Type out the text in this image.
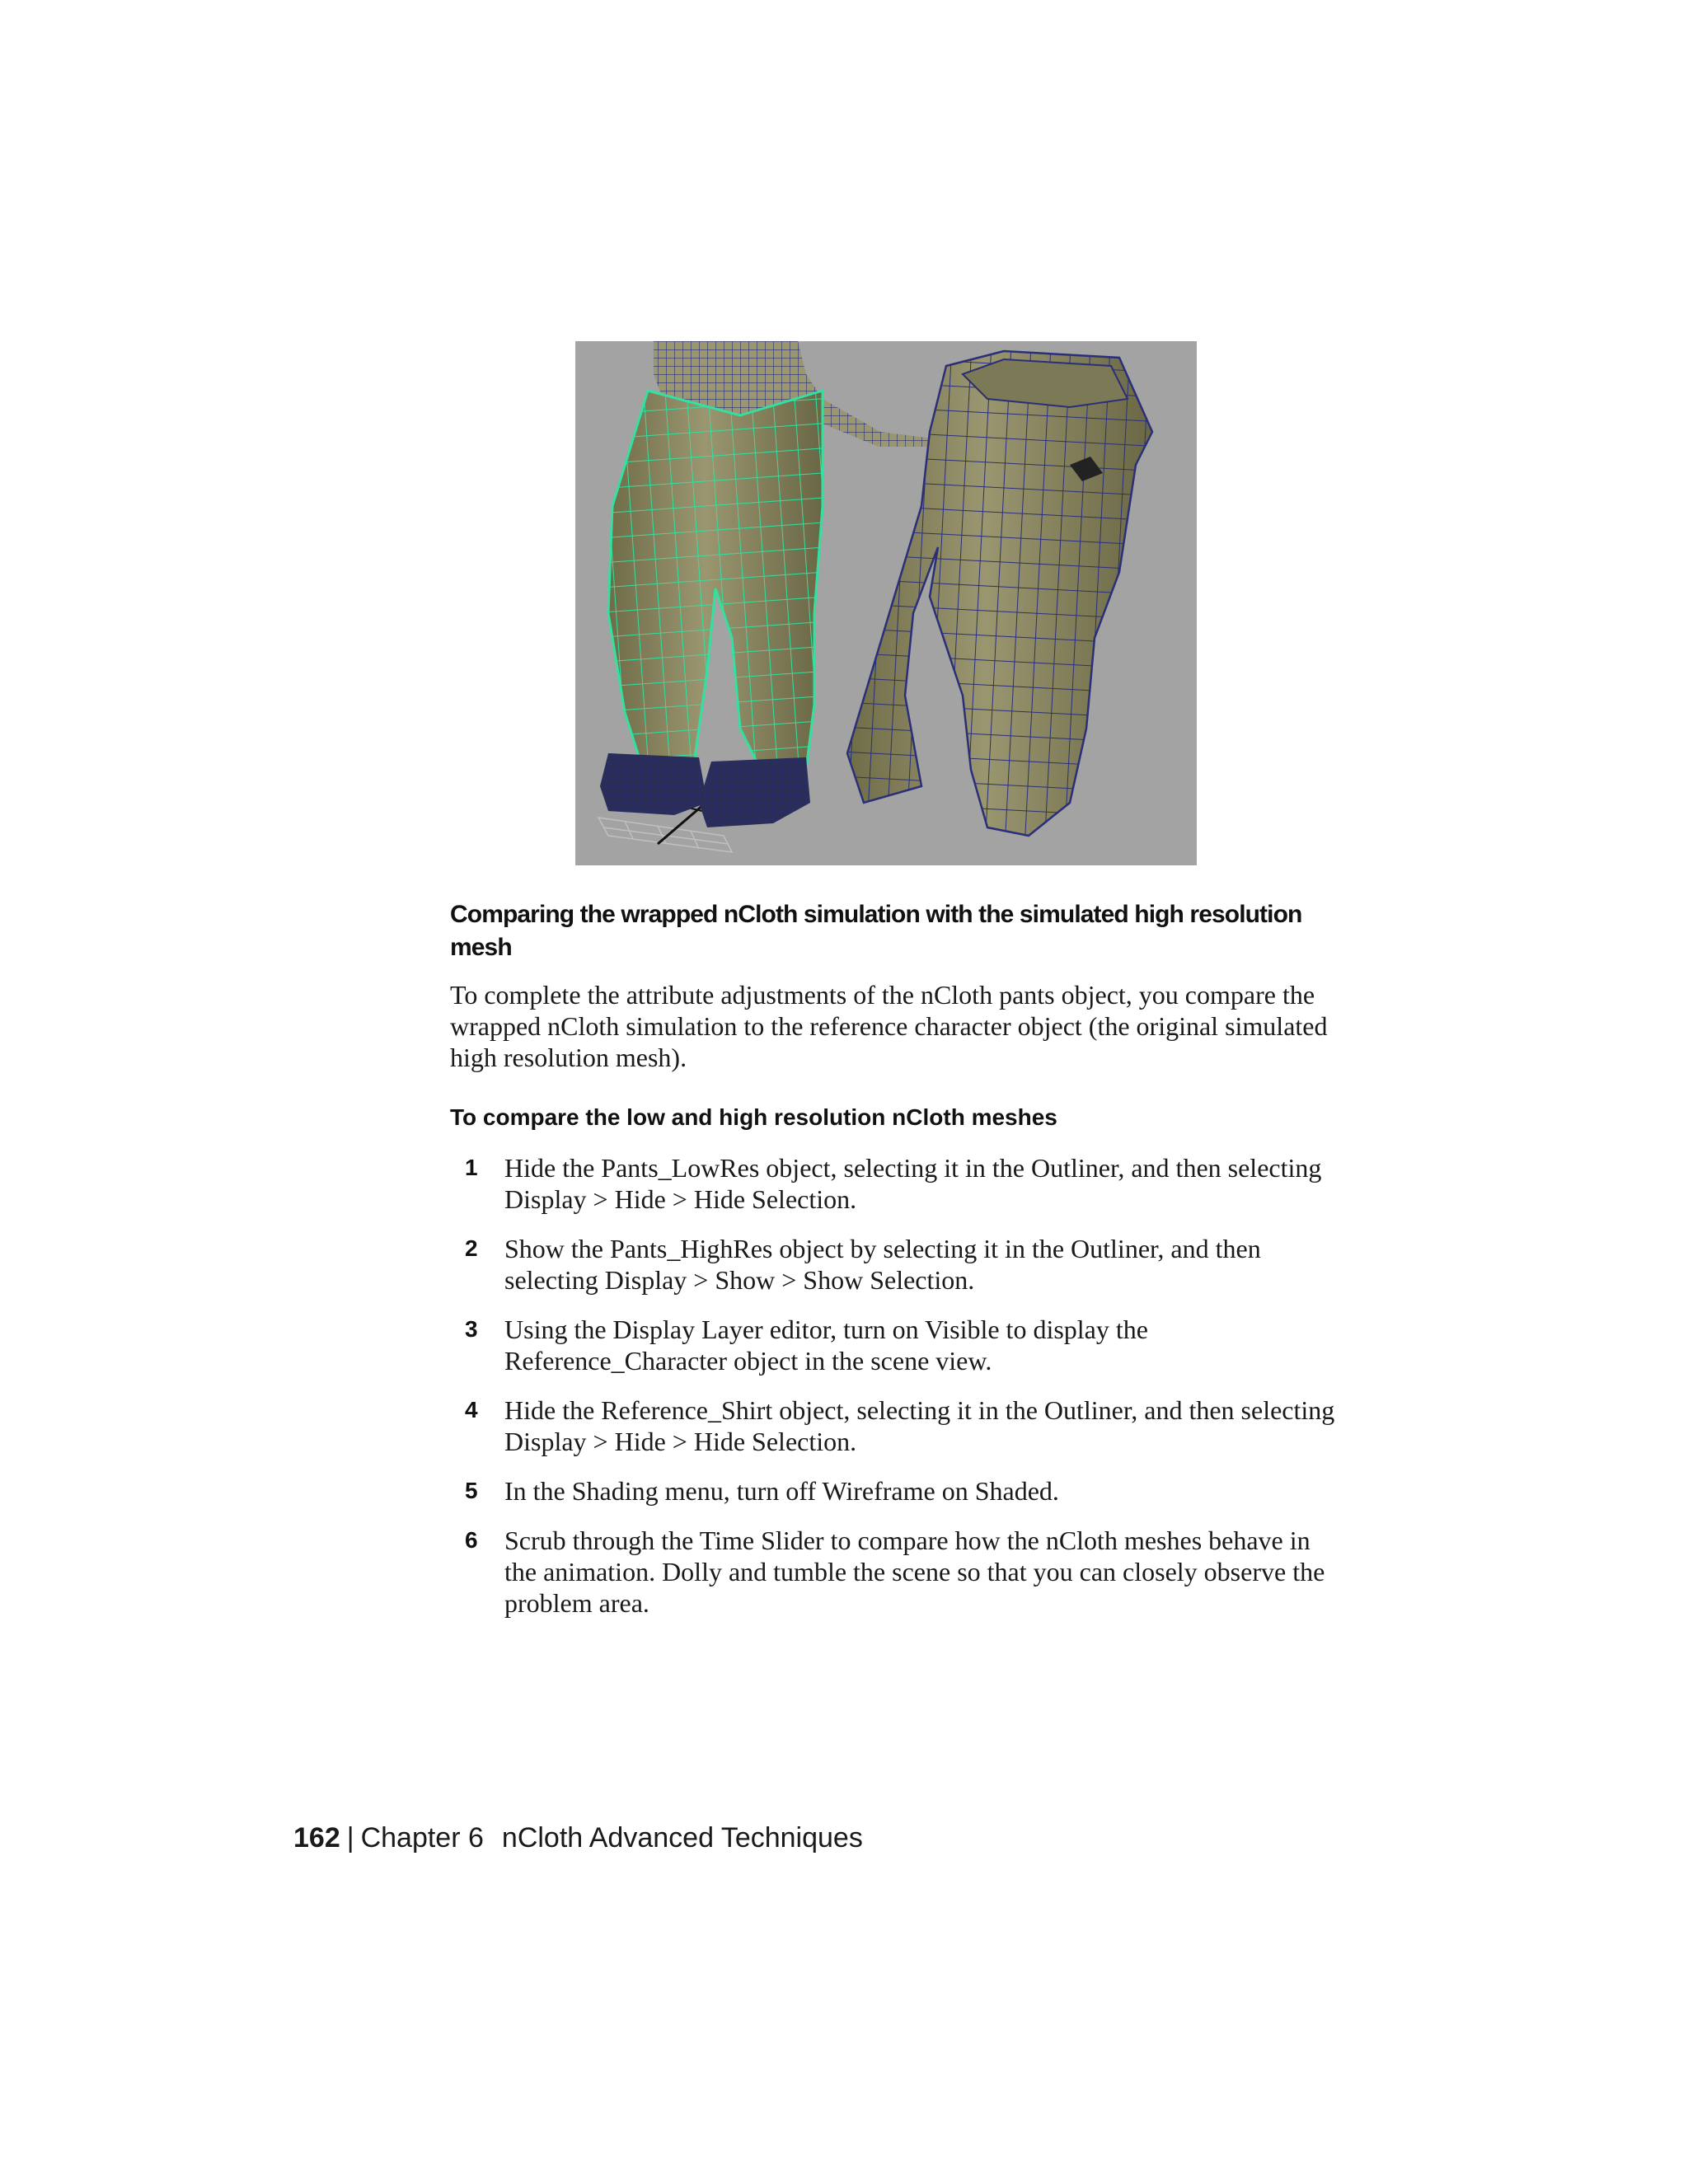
Comparing the wrapped nCloth simulation with the simulated high resolution mesh

To complete the attribute adjustments of the nCloth pants object, you compare the wrapped nCloth simulation to the reference character object (the original simulated high resolution mesh).

To compare the low and high resolution nCloth meshes
1 Hide the Pants_LowRes object, selecting it in the Outliner, and then selecting Display > Hide > Hide Selection.
2 Show the Pants_HighRes object by selecting it in the Outliner, and then selecting Display > Show > Show Selection.
3 Using the Display Layer editor, turn on Visible to display the Reference_Character object in the scene view.
4 Hide the Reference_Shirt object, selecting it in the Outliner, and then selecting Display > Hide > Hide Selection.
5 In the Shading menu, turn off Wireframe on Shaded.
6 Scrub through the Time Slider to compare how the nCloth meshes behave in the animation. Dolly and tumble the scene so that you can closely observe the problem area.
162 | Chapter 6 nCloth Advanced Techniques
